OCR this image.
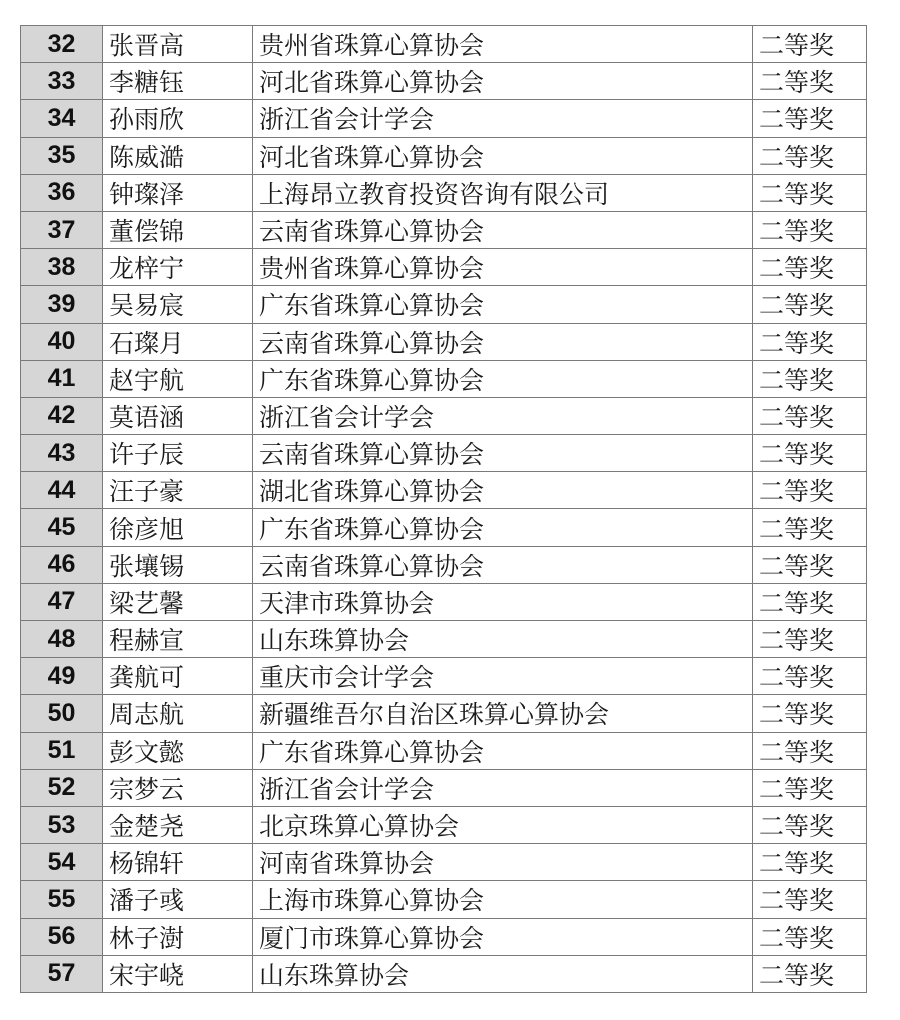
32	张晋高	贵州省珠算心算协会	二等奖
33	李糖钰	河北省珠算心算协会	二等奖
34	孙雨欣	浙江省会计学会	二等奖
35	陈威澔	河北省珠算心算协会	二等奖
36	钟璨泽	上海昂立教育投资咨询有限公司	二等奖
37	董偿锦	云南省珠算心算协会	二等奖
38	龙梓宁	贵州省珠算心算协会	二等奖
39	吴易宸	广东省珠算心算协会	二等奖
40	石璨月	云南省珠算心算协会	二等奖
41	赵宇航	广东省珠算心算协会	二等奖
42	莫语涵	浙江省会计学会	二等奖
43	许子辰	云南省珠算心算协会	二等奖
44	汪子豪	湖北省珠算心算协会	二等奖
45	徐彦旭	广东省珠算心算协会	二等奖
46	张壤锡	云南省珠算心算协会	二等奖
47	梁艺馨	天津市珠算协会	二等奖
48	程赫宣	山东珠算协会	二等奖
49	龚航可	重庆市会计学会	二等奖
50	周志航	新疆维吾尔自治区珠算心算协会	二等奖
51	彭文懿	广东省珠算心算协会	二等奖
52	宗梦云	浙江省会计学会	二等奖
53	金楚尧	北京珠算心算协会	二等奖
54	杨锦轩	河南省珠算协会	二等奖
55	潘子彧	上海市珠算心算协会	二等奖
56	林子澍	厦门市珠算心算协会	二等奖
57	宋宇峣	山东珠算协会	二等奖
